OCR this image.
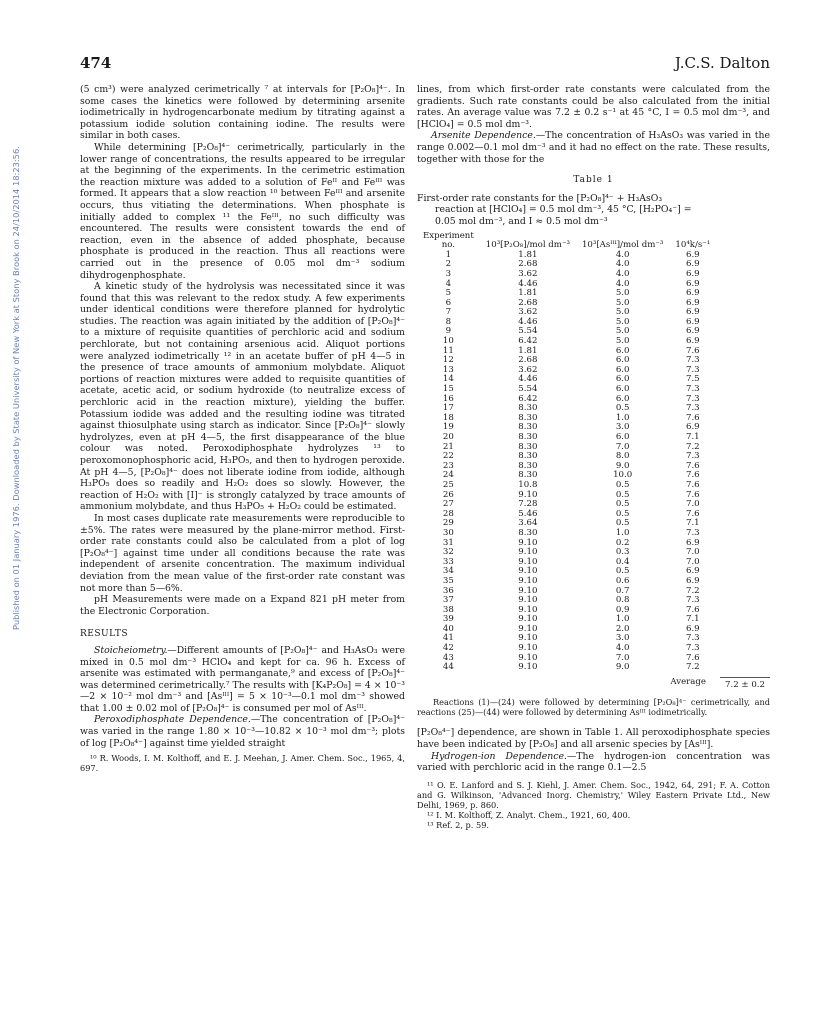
Published on 01 January 1976. Downloaded by State University of New York at Stony Brook on 24/10/2014 18:23:56.
474	J.C.S. Dalton

(5 cm³) were analyzed cerimetrically ⁷ at intervals for [P₂O₈]⁴⁻. In some cases the kinetics were followed by determining arsenite iodimetrically in hydrogencarbonate medium by titrating against a potassium iodide solution containing iodine. The results were similar in both cases.

While determining [P₂O₈]⁴⁻ cerimetrically, particularly in the lower range of concentrations, the results appeared to be irregular at the beginning of the experiments. In the cerimetric estimation the reaction mixture was added to a solution of Feᴵᴵ and Feᴵᴵᴵ was formed. It appears that a slow reaction ¹⁰ between Feᴵᴵᴵ and arsenite occurs, thus vitiating the determinations. When phosphate is initially added to complex ¹¹ the Feᴵᴵᴵ, no such difficulty was encountered. The results were consistent towards the end of reaction, even in the absence of added phosphate, because phosphate is produced in the reaction. Thus all reactions were carried out in the presence of 0.05 mol dm⁻³ sodium dihydrogenphosphate.

A kinetic study of the hydrolysis was necessitated since it was found that this was relevant to the redox study. A few experiments under identical conditions were therefore planned for hydrolytic studies. The reaction was again initiated by the addition of [P₂O₈]⁴⁻ to a mixture of requisite quantities of perchloric acid and sodium perchlorate, but not containing arsenious acid. Aliquot portions were analyzed iodimetrically ¹² in an acetate buffer of pH 4—5 in the presence of trace amounts of ammonium molybdate. Aliquot portions of reaction mixtures were added to requisite quantities of acetate, acetic acid, or sodium hydroxide (to neutralize excess of perchloric acid in the reaction mixture), yielding the buffer. Potassium iodide was added and the resulting iodine was titrated against thiosulphate using starch as indicator. Since [P₂O₈]⁴⁻ slowly hydrolyzes, even at pH 4—5, the first disappearance of the blue colour was noted. Peroxodiphosphate hydrolyzes ¹³ to peroxomonophosphoric acid, H₃PO₅, and then to hydrogen peroxide. At pH 4—5, [P₂O₈]⁴⁻ does not liberate iodine from iodide, although H₃PO₅ does so readily and H₂O₂ does so slowly. However, the reaction of H₂O₂ with [I]⁻ is strongly catalyzed by trace amounts of ammonium molybdate, and thus H₃PO₅ + H₂O₂ could be estimated.

In most cases duplicate rate measurements were reproducible to ±5%. The rates were measured by the plane-mirror method. First-order rate constants could also be calculated from a plot of log [P₂O₈⁴⁻] against time under all conditions because the rate was independent of arsenite concentration. The maximum individual deviation from the mean value of the first-order rate constant was not more than 5—6%.

pH Measurements were made on a Expand 821 pH meter from the Electronic Corporation.

RESULTS

Stoicheiometry.—Different amounts of [P₂O₈]⁴⁻ and H₃AsO₃ were mixed in 0.5 mol dm⁻³ HClO₄ and kept for ca. 96 h. Excess of arsenite was estimated with permanganate,⁹ and excess of [P₂O₈]⁴⁻ was determined cerimetrically.⁷ The results with [K₄P₂O₈] = 4 × 10⁻³—2 × 10⁻² mol dm⁻³ and [Asᴵᴵᴵ] = 5 × 10⁻³—0.1 mol dm⁻³ showed that 1.00 ± 0.02 mol of [P₂O₈]⁴⁻ is consumed per mol of Asᴵᴵᴵ.

Peroxodiphosphate Dependence.—The concentration of [P₂O₈]⁴⁻ was varied in the range 1.80 × 10⁻³—10.82 × 10⁻³ mol dm⁻³; plots of log [P₂O₈⁴⁻] against time yielded straight

¹⁰ R. Woods, I. M. Kolthoff, and E. J. Meehan, J. Amer. Chem. Soc., 1965, 4, 697.

lines, from which first-order rate constants were calculated from the gradients. Such rate constants could be also calculated from the initial rates. An average value was 7.2 ± 0.2 s⁻¹ at 45 °C, I = 0.5 mol dm⁻³, and [HClO₄] = 0.5 mol dm⁻³.

Arsenite Dependence.—The concentration of H₃AsO₃ was varied in the range 0.002—0.1 mol dm⁻³ and it had no effect on the rate. These results, together with those for the

Table 1

First-order rate constants for the [P₂O₈]⁴⁻ + H₃AsO₃
reaction at [HClO₄] = 0.5 mol dm⁻³, 45 °C, [H₂PO₄⁻] =
0.05 mol dm⁻³, and I ≈ 0.5 mol dm⁻³

Experiment
no.	10³[P₂O₈]/mol dm⁻³	10³[Asᴵᴵᴵ]/mol dm⁻³	10⁴k/s⁻¹
1	1.81	4.0	6.9
2	2.68	4.0	6.9
3	3.62	4.0	6.9
4	4.46	4.0	6.9
5	1.81	5.0	6.9
6	2.68	5.0	6.9
7	3.62	5.0	6.9
8	4.46	5.0	6.9
9	5.54	5.0	6.9
10	6.42	5.0	6.9
11	1.81	6.0	7.6
12	2.68	6.0	7.3
13	3.62	6.0	7.3
14	4.46	6.0	7.5
15	5.54	6.0	7.3
16	6.42	6.0	7.3
17	8.30	0.5	7.3
18	8.30	1.0	7.6
19	8.30	3.0	6.9
20	8.30	6.0	7.1
21	8.30	7.0	7.2
22	8.30	8.0	7.3
23	8.30	9.0	7.6
24	8.30	10.0	7.6
25	10.8	0.5	7.6
26	9.10	0.5	7.6
27	7.28	0.5	7.0
28	5.46	0.5	7.6
29	3.64	0.5	7.1
30	8.30	1.0	7.3
31	9.10	0.2	6.9
32	9.10	0.3	7.0
33	9.10	0.4	7.0
34	9.10	0.5	6.9
35	9.10	0.6	6.9
36	9.10	0.7	7.2
37	9.10	0.8	7.3
38	9.10	0.9	7.6
39	9.10	1.0	7.1
40	9.10	2.0	6.9
41	9.10	3.0	7.3
42	9.10	4.0	7.3
43	9.10	7.0	7.6
44	9.10	9.0	7.2
Average	7.2 ± 0.2

Reactions (1)—(24) were followed by determining [P₂O₈]⁴⁻ cerimetrically, and reactions (25)—(44) were followed by determining Asᴵᴵᴵ iodimetrically.

[P₂O₈⁴⁻] dependence, are shown in Table 1. All peroxodiphosphate species have been indicated by [P₂O₈] and all arsenic species by [Asᴵᴵᴵ].

Hydrogen-ion Dependence.—The hydrogen-ion concentration was varied with perchloric acid in the range 0.1—2.5

¹¹ O. E. Lanford and S. J. Kiehl, J. Amer. Chem. Soc., 1942, 64, 291; F. A. Cotton and G. Wilkinson, 'Advanced Inorg. Chemistry,' Wiley Eastern Private Ltd., New Delhi, 1969, p. 860.

¹² I. M. Kolthoff, Z. Analyt. Chem., 1921, 60, 400.

¹³ Ref. 2, p. 59.
